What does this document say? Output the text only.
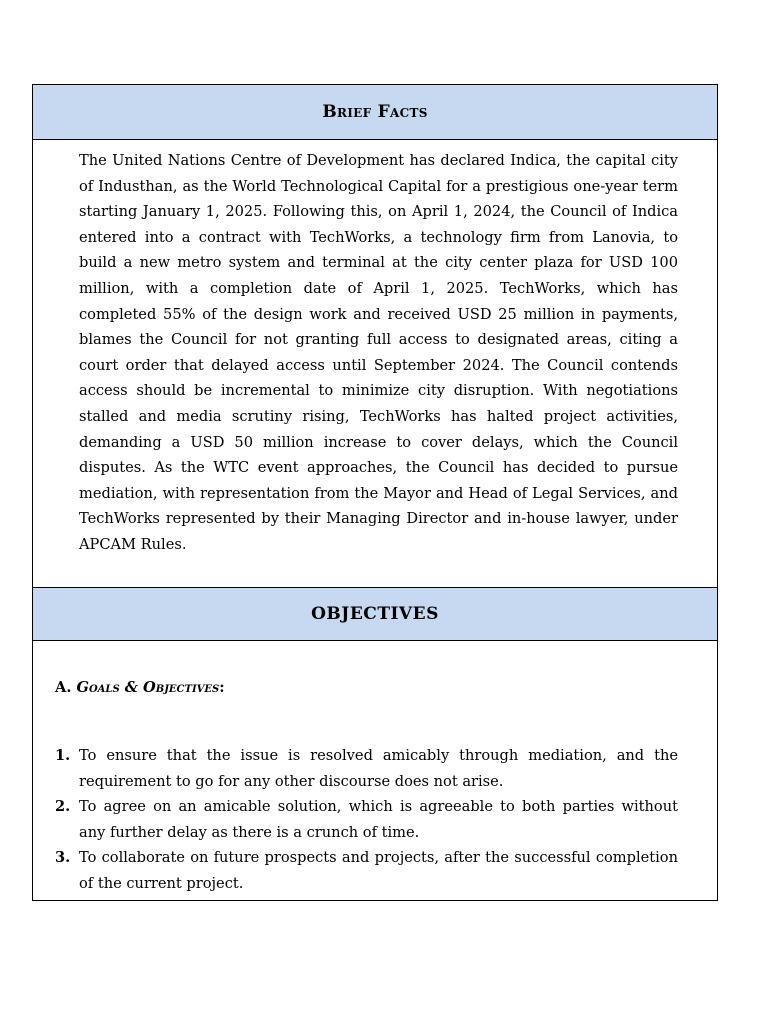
Brief Facts

The United Nations Centre of Development has declared Indica, the capital city of Industhan, as the World Technological Capital for a prestigious one-year term starting January 1, 2025. Following this, on April 1, 2024, the Council of Indica entered into a contract with TechWorks, a technology firm from Lanovia, to build a new metro system and terminal at the city center plaza for USD 100 million, with a completion date of April 1, 2025. TechWorks, which has completed 55% of the design work and received USD 25 million in payments, blames the Council for not granting full access to designated areas, citing a court order that delayed access until September 2024. The Council contends access should be incremental to minimize city disruption. With negotiations stalled and media scrutiny rising, TechWorks has halted project activities, demanding a USD 50 million increase to cover delays, which the Council disputes. As the WTC event approaches, the Council has decided to pursue mediation, with representation from the Mayor and Head of Legal Services, and TechWorks represented by their Managing Director and in-house lawyer, under APCAM Rules.

OBJECTIVES
A. Goals & Objectives:
1. To ensure that the issue is resolved amicably through mediation, and the requirement to go for any other discourse does not arise.
2. To agree on an amicable solution, which is agreeable to both parties without any further delay as there is a crunch of time.
3. To collaborate on future prospects and projects, after the successful completion of the current project.
